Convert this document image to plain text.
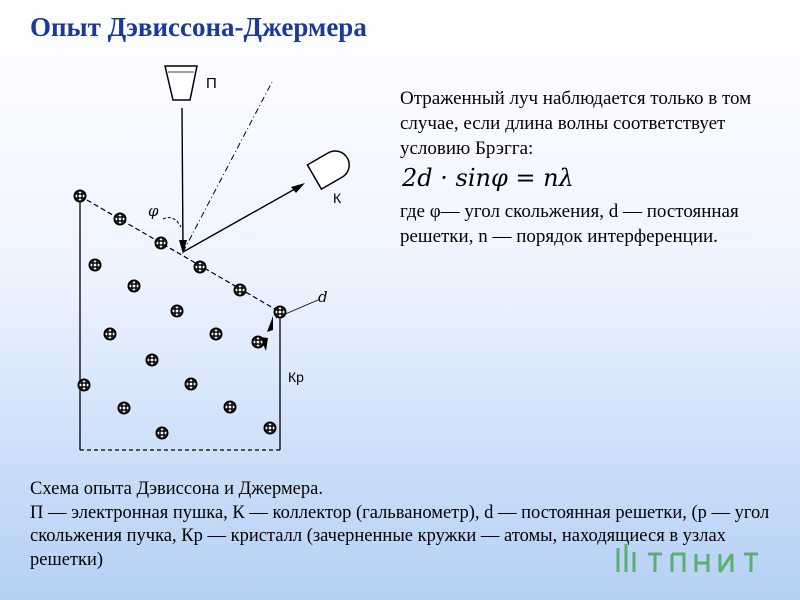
Опыт Дэвиссона-Джермера
П
К
φ
d
Кр

Отраженный луч наблюдается только в том случае, если длина волны соответствует условию Брэгга:

2d · sinφ = nλ

где φ— угол скольжения, d — постоянная решетки, n — порядок интерференции.

Схема опыта Дэвиссона и Джермера.

П — электронная пушка, К — коллектор (гальванометр), d — постоянная решетки, (р — угол скольжения пучка, Кр — кристалл (зачерненные кружки — атомы, находящиеся в узлах решетки)
